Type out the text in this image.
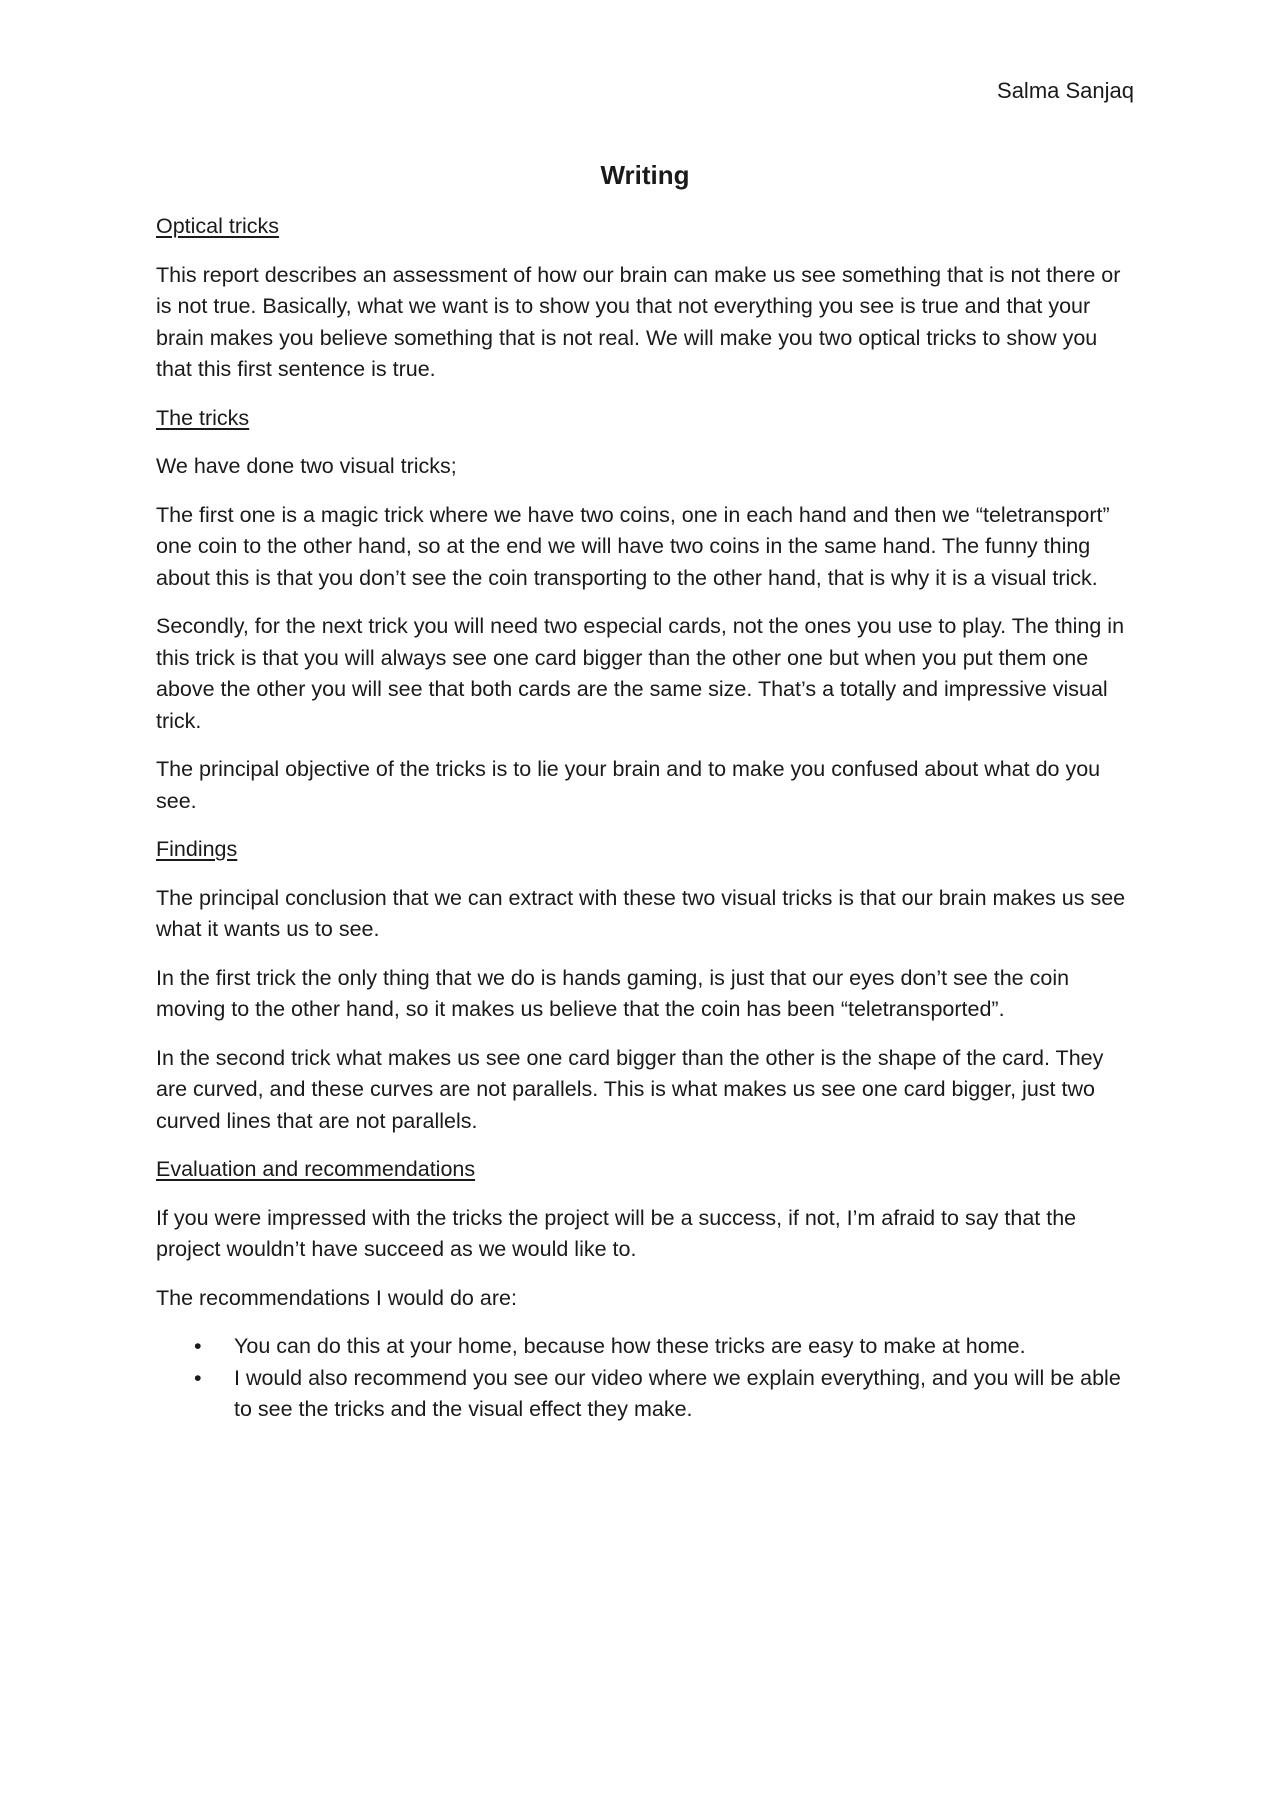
Salma Sanjaq
Writing

Optical tricks

This report describes an assessment of how our brain can make us see something that is not there or is not true. Basically, what we want is to show you that not everything you see is true and that your brain makes you believe something that is not real. We will make you two optical tricks to show you that this first sentence is true.

The tricks

We have done two visual tricks;

The first one is a magic trick where we have two coins, one in each hand and then we “teletransport” one coin to the other hand, so at the end we will have two coins in the same hand. The funny thing about this is that you don’t see the coin transporting to the other hand, that is why it is a visual trick.

Secondly, for the next trick you will need two especial cards, not the ones you use to play. The thing in this trick is that you will always see one card bigger than the other one but when you put them one above the other you will see that both cards are the same size. That’s a totally and impressive visual trick.

The principal objective of the tricks is to lie your brain and to make you confused about what do you see.

Findings

The principal conclusion that we can extract with these two visual tricks is that our brain makes us see what it wants us to see.

In the first trick the only thing that we do is hands gaming, is just that our eyes don’t see the coin moving to the other hand, so it makes us believe that the coin has been “teletransported”.

In the second trick what makes us see one card bigger than the other is the shape of the card. They are curved, and these curves are not parallels. This is what makes us see one card bigger, just two curved lines that are not parallels.

Evaluation and recommendations

If you were impressed with the tricks the project will be a success, if not, I’m afraid to say that the project wouldn’t have succeed as we would like to.

The recommendations I would do are:

• You can do this at your home, because how these tricks are easy to make at home.
• I would also recommend you see our video where we explain everything, and you will be able to see the tricks and the visual effect they make.
